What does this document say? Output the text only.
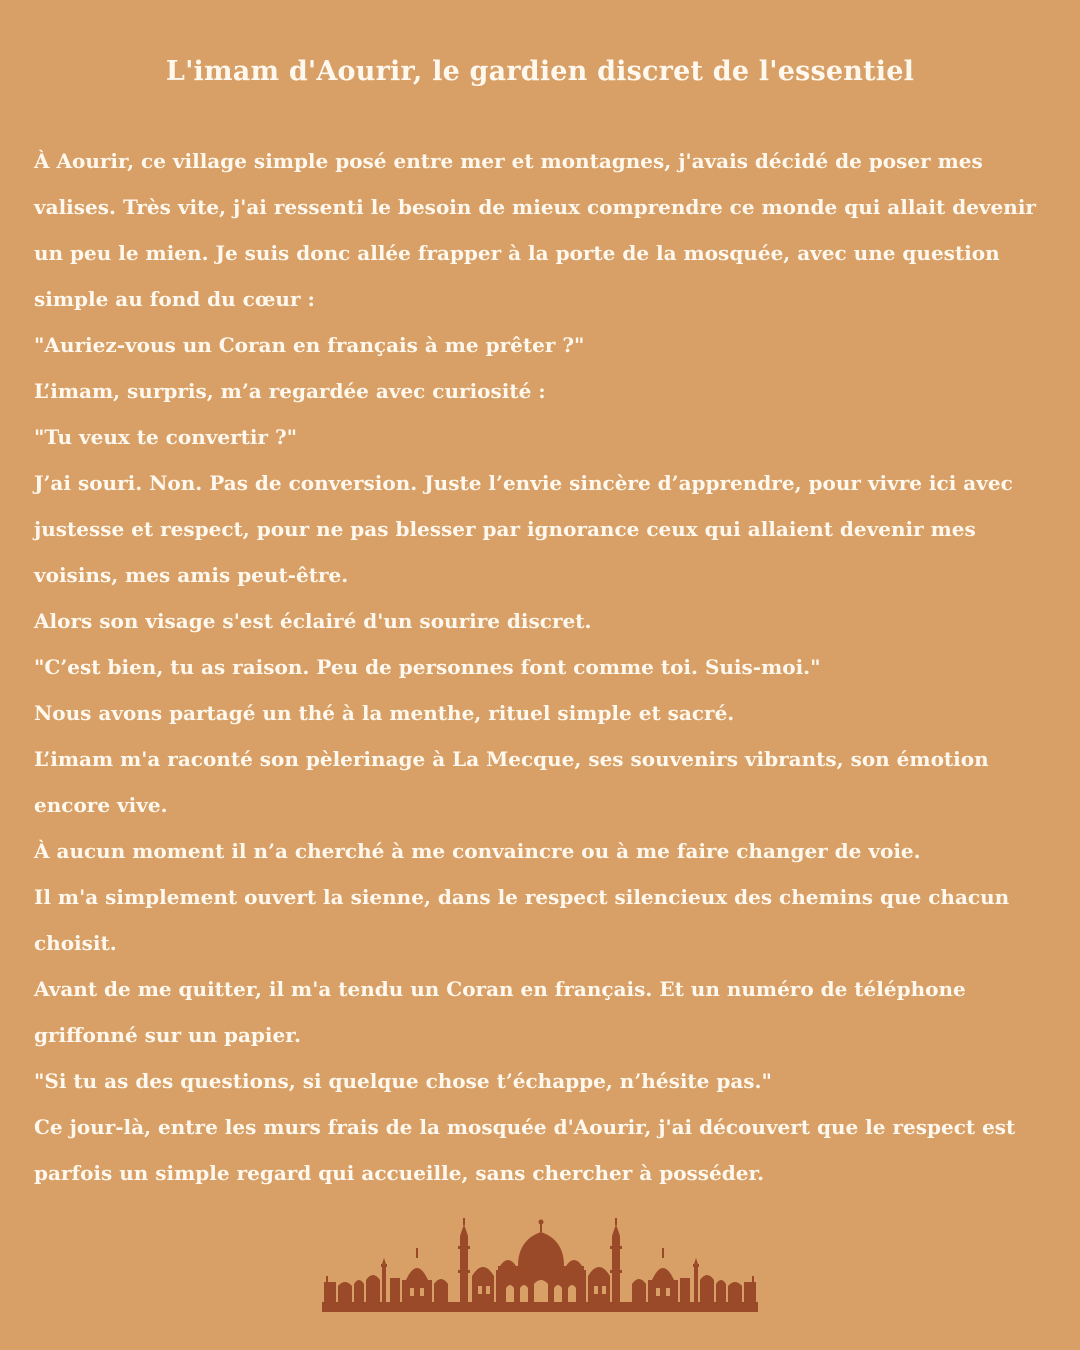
L'imam d'Aourir, le gardien discret de l'essentiel

À Aourir, ce village simple posé entre mer et montagnes, j'avais décidé de poser mes valises. Très vite, j'ai ressenti le besoin de mieux comprendre ce monde qui allait devenir un peu le mien. Je suis donc allée frapper à la porte de la mosquée, avec une question simple au fond du cœur :

"Auriez-vous un Coran en français à me prêter ?"

L’imam, surpris, m’a regardée avec curiosité :

"Tu veux te convertir ?"

J’ai souri. Non. Pas de conversion. Juste l’envie sincère d’apprendre, pour vivre ici avec justesse et respect, pour ne pas blesser par ignorance ceux qui allaient devenir mes voisins, mes amis peut-être.

Alors son visage s'est éclairé d'un sourire discret.

"C’est bien, tu as raison. Peu de personnes font comme toi. Suis-moi."

Nous avons partagé un thé à la menthe, rituel simple et sacré.

L’imam m'a raconté son pèlerinage à La Mecque, ses souvenirs vibrants, son émotion encore vive.

À aucun moment il n’a cherché à me convaincre ou à me faire changer de voie.

Il m'a simplement ouvert la sienne, dans le respect silencieux des chemins que chacun choisit.

Avant de me quitter, il m'a tendu un Coran en français. Et un numéro de téléphone griffonné sur un papier.

"Si tu as des questions, si quelque chose t’échappe, n’hésite pas."

Ce jour-là, entre les murs frais de la mosquée d'Aourir, j'ai découvert que le respect est parfois un simple regard qui accueille, sans chercher à posséder.
